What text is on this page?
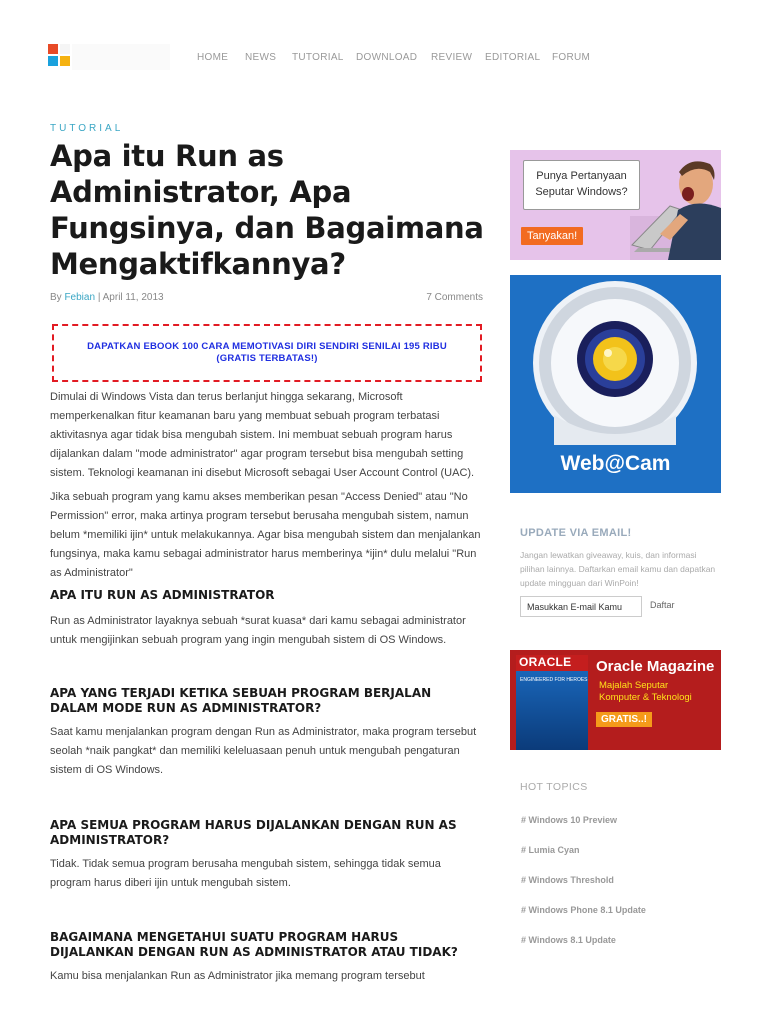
HOME NEWS TUTORIAL DOWNLOAD REVIEW EDITORIAL FORUM
TUTORIAL
Apa itu Run as Administrator, Apa Fungsinya, dan Bagaimana Mengaktifkannya?
By Febian | April 11, 2013	7 Comments
DAPATKAN EBOOK 100 CARA MEMOTIVASI DIRI SENDIRI SENILAI 195 RIBU (GRATIS TERBATAS!)

Dimulai di Windows Vista dan terus berlanjut hingga sekarang, Microsoft memperkenalkan fitur keamanan baru yang membuat sebuah program terbatasi aktivitasnya agar tidak bisa mengubah sistem. Ini membuat sebuah program harus dijalankan dalam "mode administrator" agar program tersebut bisa mengubah setting sistem. Teknologi keamanan ini disebut Microsoft sebagai User Account Control (UAC).

Jika sebuah program yang kamu akses memberikan pesan "Access Denied" atau "No Permission" error, maka artinya program tersebut berusaha mengubah sistem, namun belum *memiliki ijin* untuk melakukannya. Agar bisa mengubah sistem dan menjalankan fungsinya, maka kamu sebagai administrator harus memberinya *ijin* dulu melalui "Run as Administrator"

APA ITU RUN AS ADMINISTRATOR

Run as Administrator layaknya sebuah *surat kuasa* dari kamu sebagai administrator untuk mengijinkan sebuah program yang ingin mengubah sistem di OS Windows.

APA YANG TERJADI KETIKA SEBUAH PROGRAM BERJALAN DALAM MODE RUN AS ADMINISTRATOR?

Saat kamu menjalankan program dengan Run as Administrator, maka program tersebut seolah *naik pangkat* dan memiliki keleluasaan penuh untuk mengubah pengaturan sistem di OS Windows.

APA SEMUA PROGRAM HARUS DIJALANKAN DENGAN RUN AS ADMINISTRATOR?

Tidak. Tidak semua program berusaha mengubah sistem, sehingga tidak semua program harus diberi ijin untuk mengubah sistem.

BAGAIMANA MENGETAHUI SUATU PROGRAM HARUS DIJALANKAN DENGAN RUN AS ADMINISTRATOR ATAU TIDAK?

Kamu bisa menjalankan Run as Administrator jika memang program tersebut

Punya Pertanyaan
Seputar Windows?
Tanyakan!
Web@Cam
UPDATE VIA EMAIL!
Jangan lewatkan giveaway, kuis, dan informasi pilihan lainnya. Daftarkan email kamu dan dapatkan update mingguan dari WinPoin!
Masukkan E-mail Kamu
Daftar
ORACLE
ENGINEERED FOR HEROES
Oracle Magazine
Majalah Seputar
Komputer & Teknologi
GRATIS..!
HOT TOPICS
# Windows 10 Preview
# Lumia Cyan
# Windows Threshold
# Windows Phone 8.1 Update
# Windows 8.1 Update
